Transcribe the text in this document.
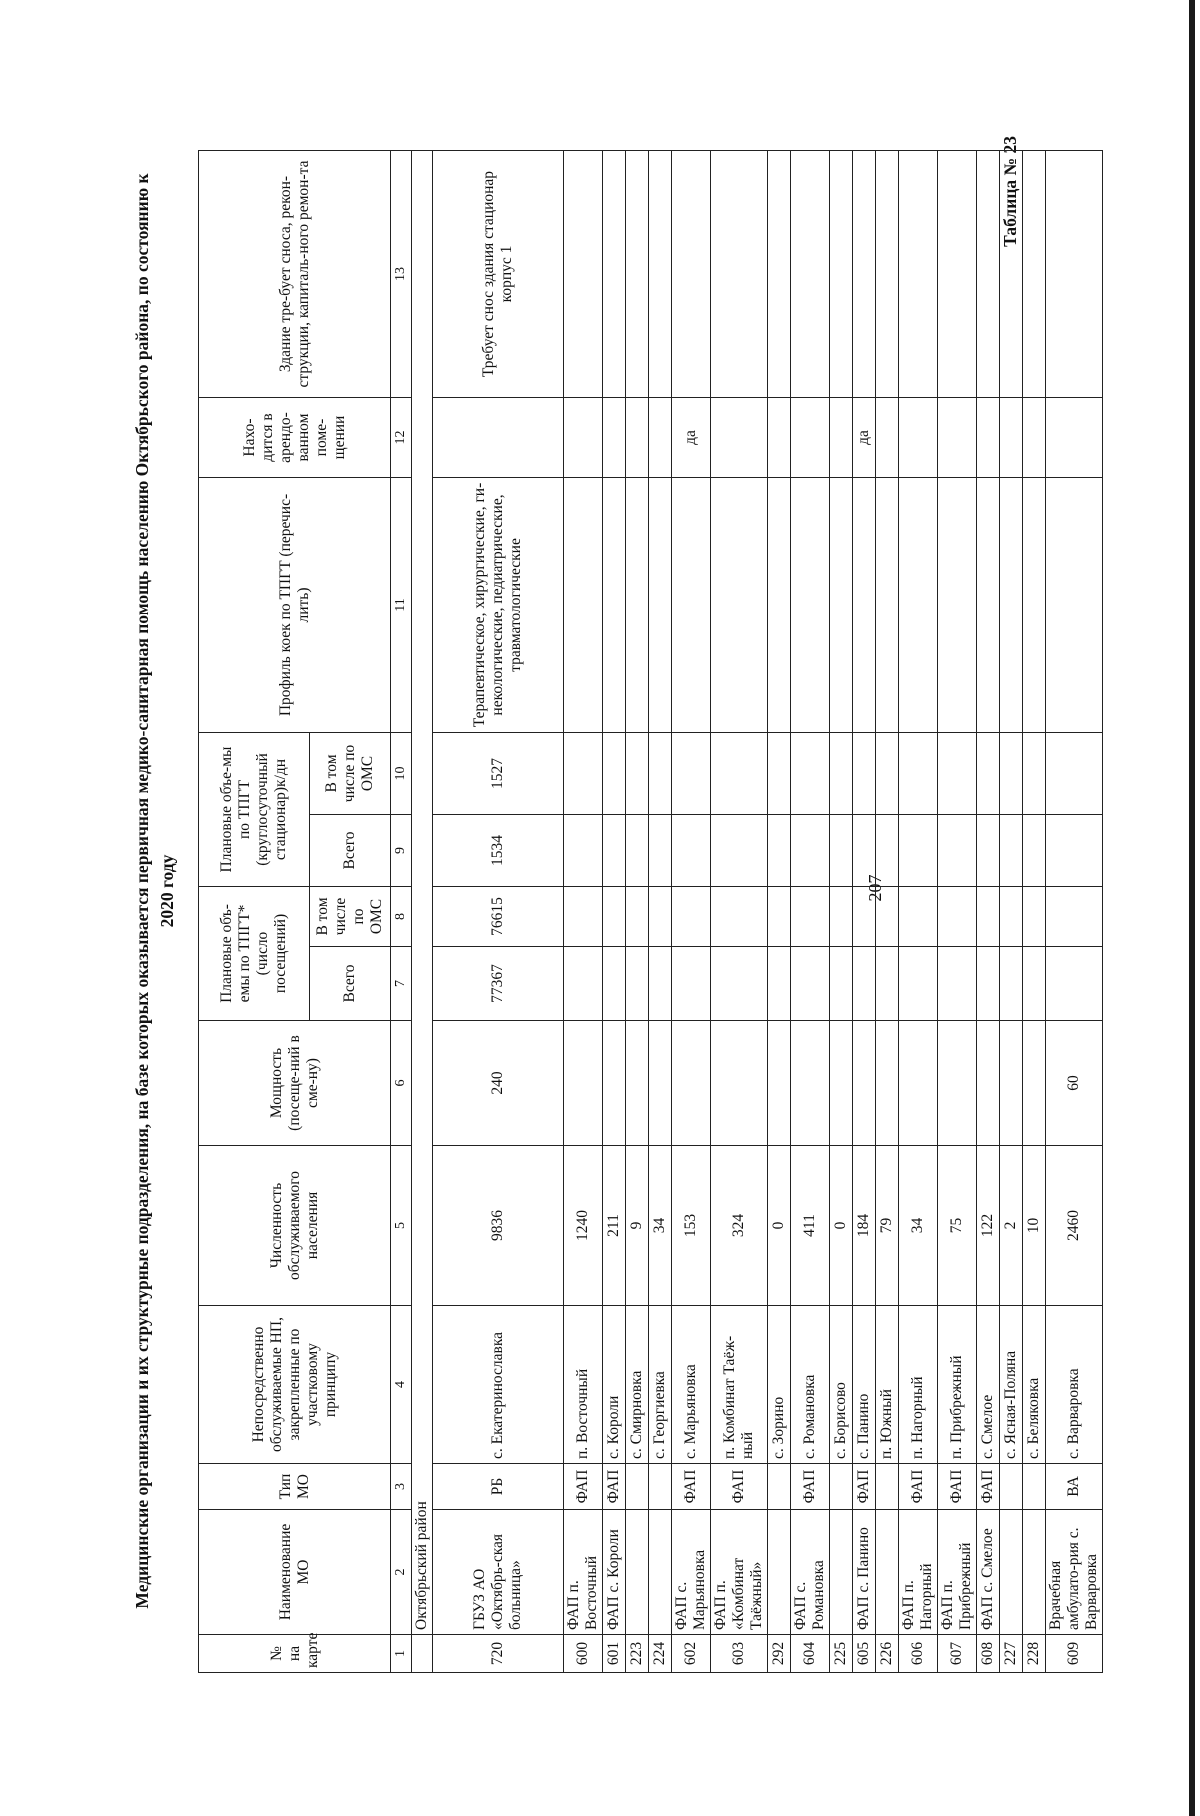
207
Медицинские организации и их структурные подразделения, на базе которых оказывается первичная медико-санитарная помощь населению Октябрьского района, по состоянию к 2020 году
Таблица № 23
№ на карте	Наименование МО	Тип МО	Непосредственно обслуживаемые НП, закрепленные по участковому принципу	Численность обслуживаемого населения	Мощность (посеще-ний в сме-ну)	Плановые объ-емы по ТПГТ*(число посещений)		Плановые объе-мы по ТПГТ (круглосуточный стационар)к/дн		Профиль коек по ТПГТ (перечис-лить)	Нахо-дится в арендо-ванном поме-щении	Здание тре-бует сноса, рекон-струкции, капиталь-ного ремон-та
						Всего	В том числе по ОМС	Всего	В том числе по ОМС			
1	2	3	4	5	6	7	8	9	10	11	12	13
	Октябрьский район											
720	ГБУЗ АО «Октябрь-ская больница»	РБ	с. Екатеринославка	9836	240	77367	76615	1534	1527	Терапевтическое, хирургические, ги-некологические, педиатрические, травматологические		Требует снос здания стационар корпус 1
600	ФАП п. Восточный	ФАП	п. Восточный	1240								
601	ФАП с. Короли	ФАП	с. Короли	211								
223			с. Смирновка	9								
224			с. Георгиевка	34								
602	ФАП с. Марьяновка	ФАП	с. Марьяновка	153							да	
603	ФАП п. «Комбинат Таёжный»	ФАП	п. Комбинат Таёж-ный	324								
292			с. Зорино	0								
604	ФАП с. Романовка	ФАП	с. Романовка	411								
225			с. Борисово	0								
605	ФАП с. Панино	ФАП	с. Панино	184							да	
226			п. Южный	79								
606	ФАП п. Нагорный	ФАП	п. Нагорный	34								
607	ФАП п. Прибрежный	ФАП	п. Прибрежный	75								
608	ФАП с. Смелое	ФАП	с. Смелое	122								
227			с. Ясная-Поляна	2								
228			с. Беляковка	10								
609	Врачебная амбулато-рия с. Варваровка	ВА	с. Варваровка	2460	60							
